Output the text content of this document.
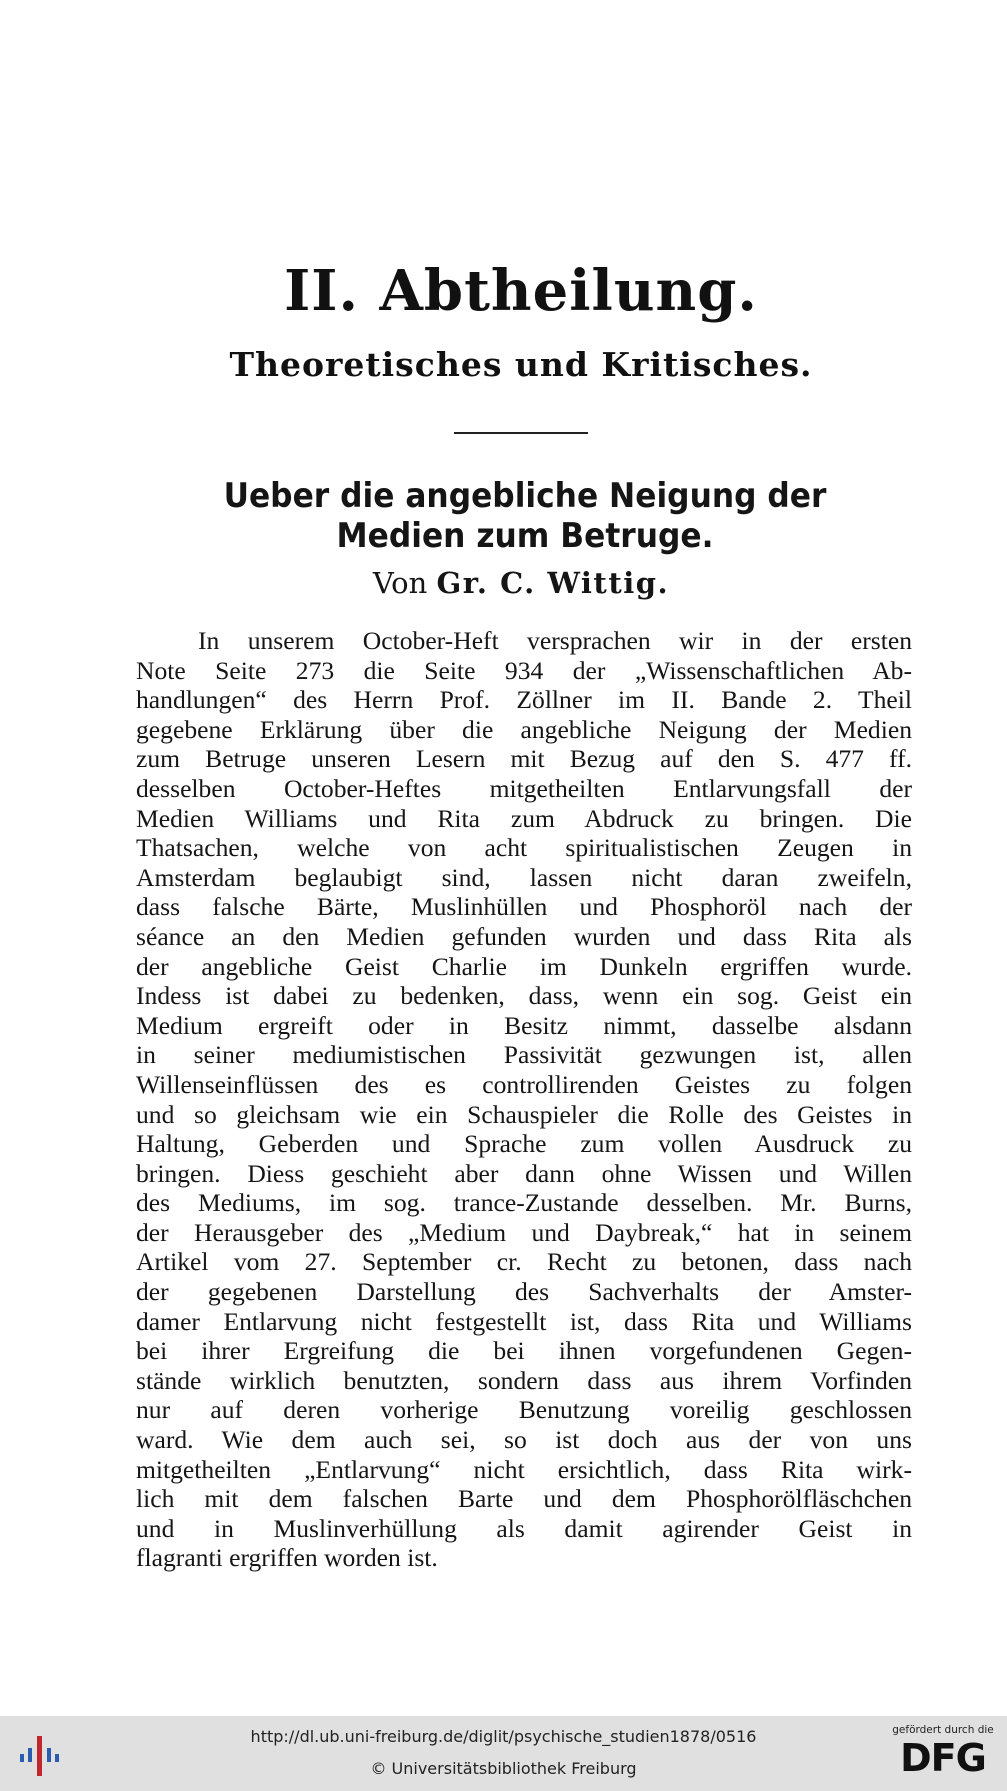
II. Abtheilung.
Theoretisches und Kritisches.
Ueber die angebliche Neigung der Medien zum Betruge.
Von Gr. C. Wittig.
In unserem October-Heft versprachen wir in der ersten
Note Seite 273 die Seite 934 der „Wissenschaftlichen Ab-
handlungen“ des Herrn Prof. Zöllner im II. Bande 2. Theil
gegebene Erklärung über die angebliche Neigung der Medien
zum Betruge unseren Lesern mit Bezug auf den S. 477 ff.
desselben October-Heftes mitgetheilten Entlarvungsfall der
Medien Williams und Rita zum Abdruck zu bringen. Die
Thatsachen, welche von acht spiritualistischen Zeugen in
Amsterdam beglaubigt sind, lassen nicht daran zweifeln,
dass falsche Bärte, Muslinhüllen und Phosphoröl nach der
séance an den Medien gefunden wurden und dass Rita als
der angebliche Geist Charlie im Dunkeln ergriffen wurde.
Indess ist dabei zu bedenken, dass, wenn ein sog. Geist ein
Medium ergreift oder in Besitz nimmt, dasselbe alsdann
in seiner mediumistischen Passivität gezwungen ist, allen
Willenseinflüssen des es controllirenden Geistes zu folgen
und so gleichsam wie ein Schauspieler die Rolle des Geistes in
Haltung, Geberden und Sprache zum vollen Ausdruck zu
bringen. Diess geschieht aber dann ohne Wissen und Willen
des Mediums, im sog. trance-Zustande desselben. Mr. Burns,
der Herausgeber des „Medium und Daybreak,“ hat in seinem
Artikel vom 27. September cr. Recht zu betonen, dass nach
der gegebenen Darstellung des Sachverhalts der Amster-
damer Entlarvung nicht festgestellt ist, dass Rita und Williams
bei ihrer Ergreifung die bei ihnen vorgefundenen Gegen-
stände wirklich benutzten, sondern dass aus ihrem Vorfinden
nur auf deren vorherige Benutzung voreilig geschlossen
ward. Wie dem auch sei, so ist doch aus der von uns
mitgetheilten „Entlarvung“ nicht ersichtlich, dass Rita wirk-
lich mit dem falschen Barte und dem Phosphorölfläschchen
und in Muslinverhüllung als damit agirender Geist in
flagranti ergriffen worden ist.
http://dl.ub.uni-freiburg.de/diglit/psychische_studien1878/0516
© Universitätsbibliothek Freiburg
gefördert durch die
DFG
